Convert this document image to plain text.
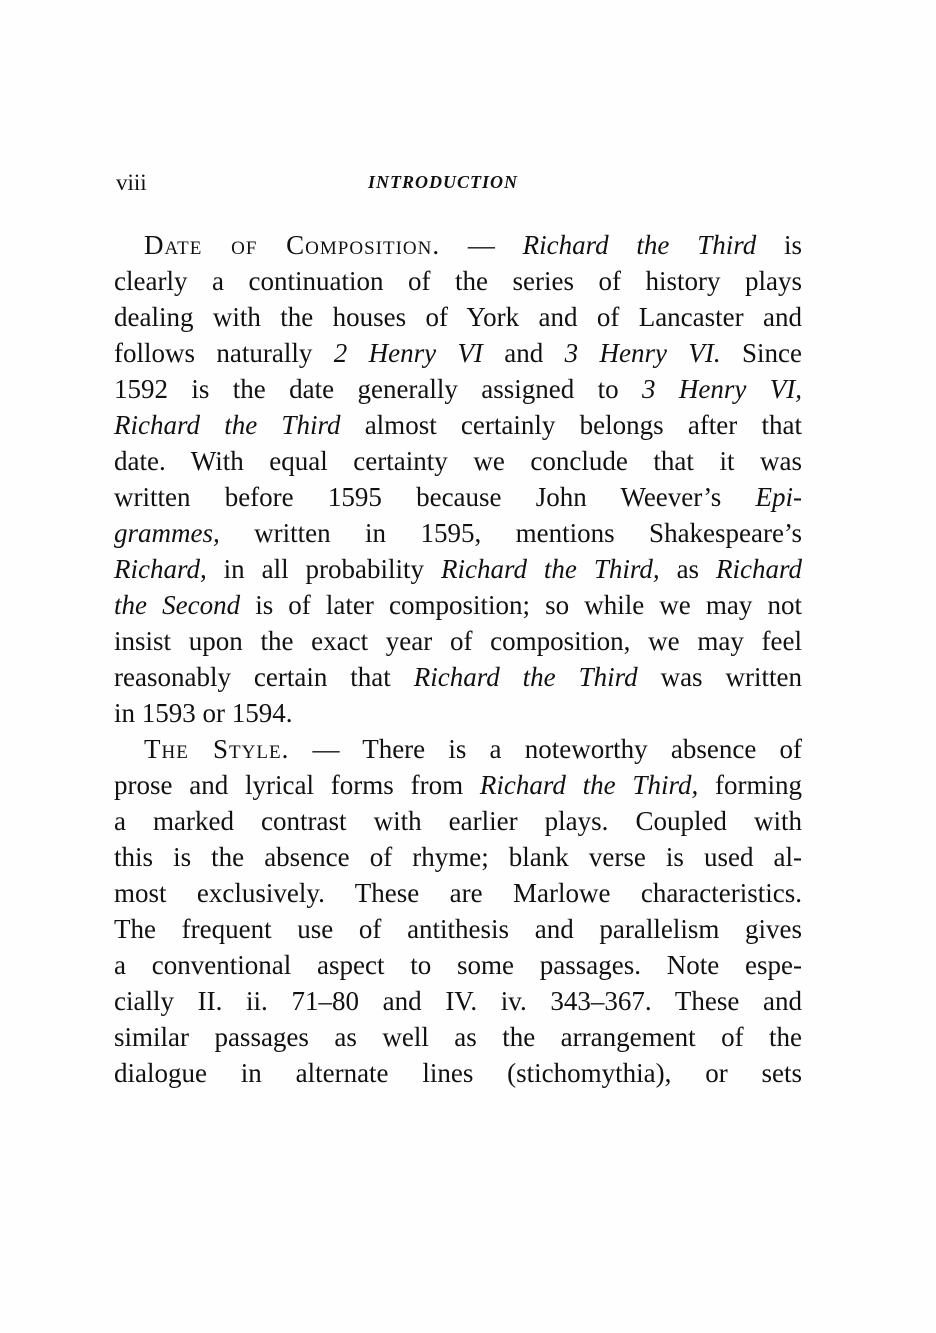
viii	INTRODUCTION
Date of Composition. — Richard the Third is
clearly a continuation of the series of history plays
dealing with the houses of York and of Lancaster and
follows naturally 2 Henry VI and 3 Henry VI. Since
1592 is the date generally assigned to 3 Henry VI,
Richard the Third almost certainly belongs after that
date. With equal certainty we conclude that it was
written before 1595 because John Weever’s Epi-
grammes, written in 1595, mentions Shakespeare’s
Richard, in all probability Richard the Third, as Richard
the Second is of later composition; so while we may not
insist upon the exact year of composition, we may feel
reasonably certain that Richard the Third was written
in 1593 or 1594.
The Style. — There is a noteworthy absence of
prose and lyrical forms from Richard the Third, forming
a marked contrast with earlier plays. Coupled with
this is the absence of rhyme; blank verse is used al-
most exclusively. These are Marlowe characteristics.
The frequent use of antithesis and parallelism gives
a conventional aspect to some passages. Note espe-
cially II. ii. 71–80 and IV. iv. 343–367. These and
similar passages as well as the arrangement of the
dialogue in alternate lines (stichomythia), or sets
